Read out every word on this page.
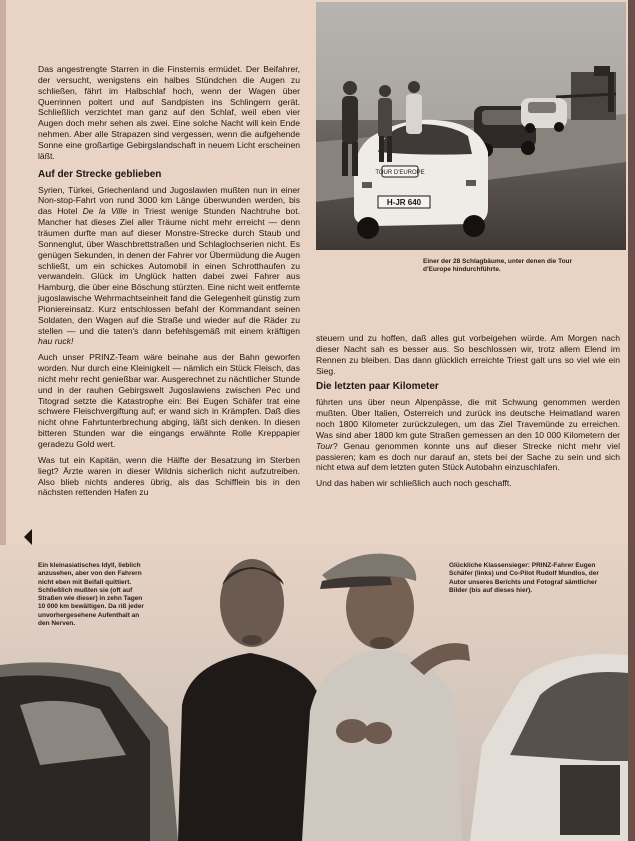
TOUR D'EUROPE
H-JR 640
Einer der 28 Schlagbäume, unter denen die Tour d'Europe hindurchführte.

Das angestrengte Starren in die Finsternis ermüdet. Der Beifahrer, der versucht, wenigstens ein halbes Stündchen die Augen zu schließen, fährt im Halbschlaf hoch, wenn der Wagen über Querrinnen poltert und auf Sandpisten ins Schlingern gerät. Schließlich verzichtet man ganz auf den Schlaf, weil eben vier Augen doch mehr sehen als zwei. Eine solche Nacht will kein Ende nehmen. Aber alle Strapazen sind vergessen, wenn die aufgehende Sonne eine großartige Gebirgslandschaft in neuem Licht erscheinen läßt.

Auf der Strecke geblieben

Syrien, Türkei, Griechenland und Jugoslawien mußten nun in einer Non-stop-Fahrt von rund 3000 km Länge überwunden werden, bis das Hotel De la Ville in Triest wenige Stunden Nachtruhe bot. Mancher hat dieses Ziel aller Träume nicht mehr erreicht — denn träumen durfte man auf dieser Monstre-Strecke durch Staub und Sonnenglut, über Waschbrettstraßen und Schlaglochserien nicht. Es genügen Sekunden, in denen der Fahrer vor Übermüdung die Augen schließt, um ein schickes Automobil in einen Schrotthaufen zu verwandeln. Glück im Unglück hatten dabei zwei Fahrer aus Hamburg, die über eine Böschung stürzten. Eine nicht weit entfernte jugoslawische Wehrmachtseinheit fand die Gelegenheit günstig zum Pioniereinsatz. Kurz entschlossen befahl der Kommandant seinen Soldaten, den Wagen auf die Straße und wieder auf die Räder zu stellen — und die taten's dann befehlsgemäß mit einem kräftigen hau ruck!

Auch unser PRINZ-Team wäre beinahe aus der Bahn geworfen worden. Nur durch eine Kleinigkeit — nämlich ein Stück Fleisch, das nicht mehr recht genießbar war. Ausgerechnet zu nächtlicher Stunde und in der rauhen Gebirgswelt Jugoslawiens zwischen Pec und Titograd setzte die Katastrophe ein: Bei Eugen Schäfer trat eine schwere Fleischvergiftung auf; er wand sich in Krämpfen. Daß dies nicht ohne Fahrtunterbrechung abging, läßt sich denken. In diesen bitteren Stunden war die eingangs erwähnte Rolle Kreppapier geradezu Gold wert.

Was tut ein Kapitän, wenn die Hälfte der Besatzung im Sterben liegt? Ärzte waren in dieser Wildnis sicherlich nicht aufzutreiben. Also blieb nichts anderes übrig, als das Schifflein bis in den nächsten rettenden Hafen zu

steuern und zu hoffen, daß alles gut vorbeigehen würde. Am Morgen nach dieser Nacht sah es besser aus. So beschlossen wir, trotz allem Elend im Rennen zu bleiben. Das dann glücklich erreichte Triest galt uns so viel wie ein Sieg.

Die letzten paar Kilometer

führten uns über neun Alpenpässe, die mit Schwung genommen werden mußten. Über Italien, Österreich und zurück ins deutsche Heimatland waren noch 1800 Kilometer zurückzulegen, um das Ziel Travemünde zu erreichen. Was sind aber 1800 km gute Straßen gemessen an den 10 000 Kilometern der Tour? Genau genommen konnte uns auf dieser Strecke nicht mehr viel passieren; kam es doch nur darauf an, stets bei der Sache zu sein und sich nicht etwa auf dem letzten guten Stück Autobahn einzuschlafen.

Und das haben wir schließlich auch noch geschafft.

Ein kleinasiatisches Idyll, lieblich anzusehen, aber von den Fahrern nicht eben mit Beifall quittiert. Schließlich mußten sie (oft auf Straßen wie dieser) in zehn Tagen 10 000 km bewältigen. Da riß jeder unvorhergesehene Aufenthalt an den Nerven.
Glückliche Klassensieger: PRINZ-Fahrer Eugen Schäfer (links) und Co-Pilot Rudolf Mundlos, der Autor unseres Berichts und Fotograf sämtlicher Bilder (bis auf dieses hier).
